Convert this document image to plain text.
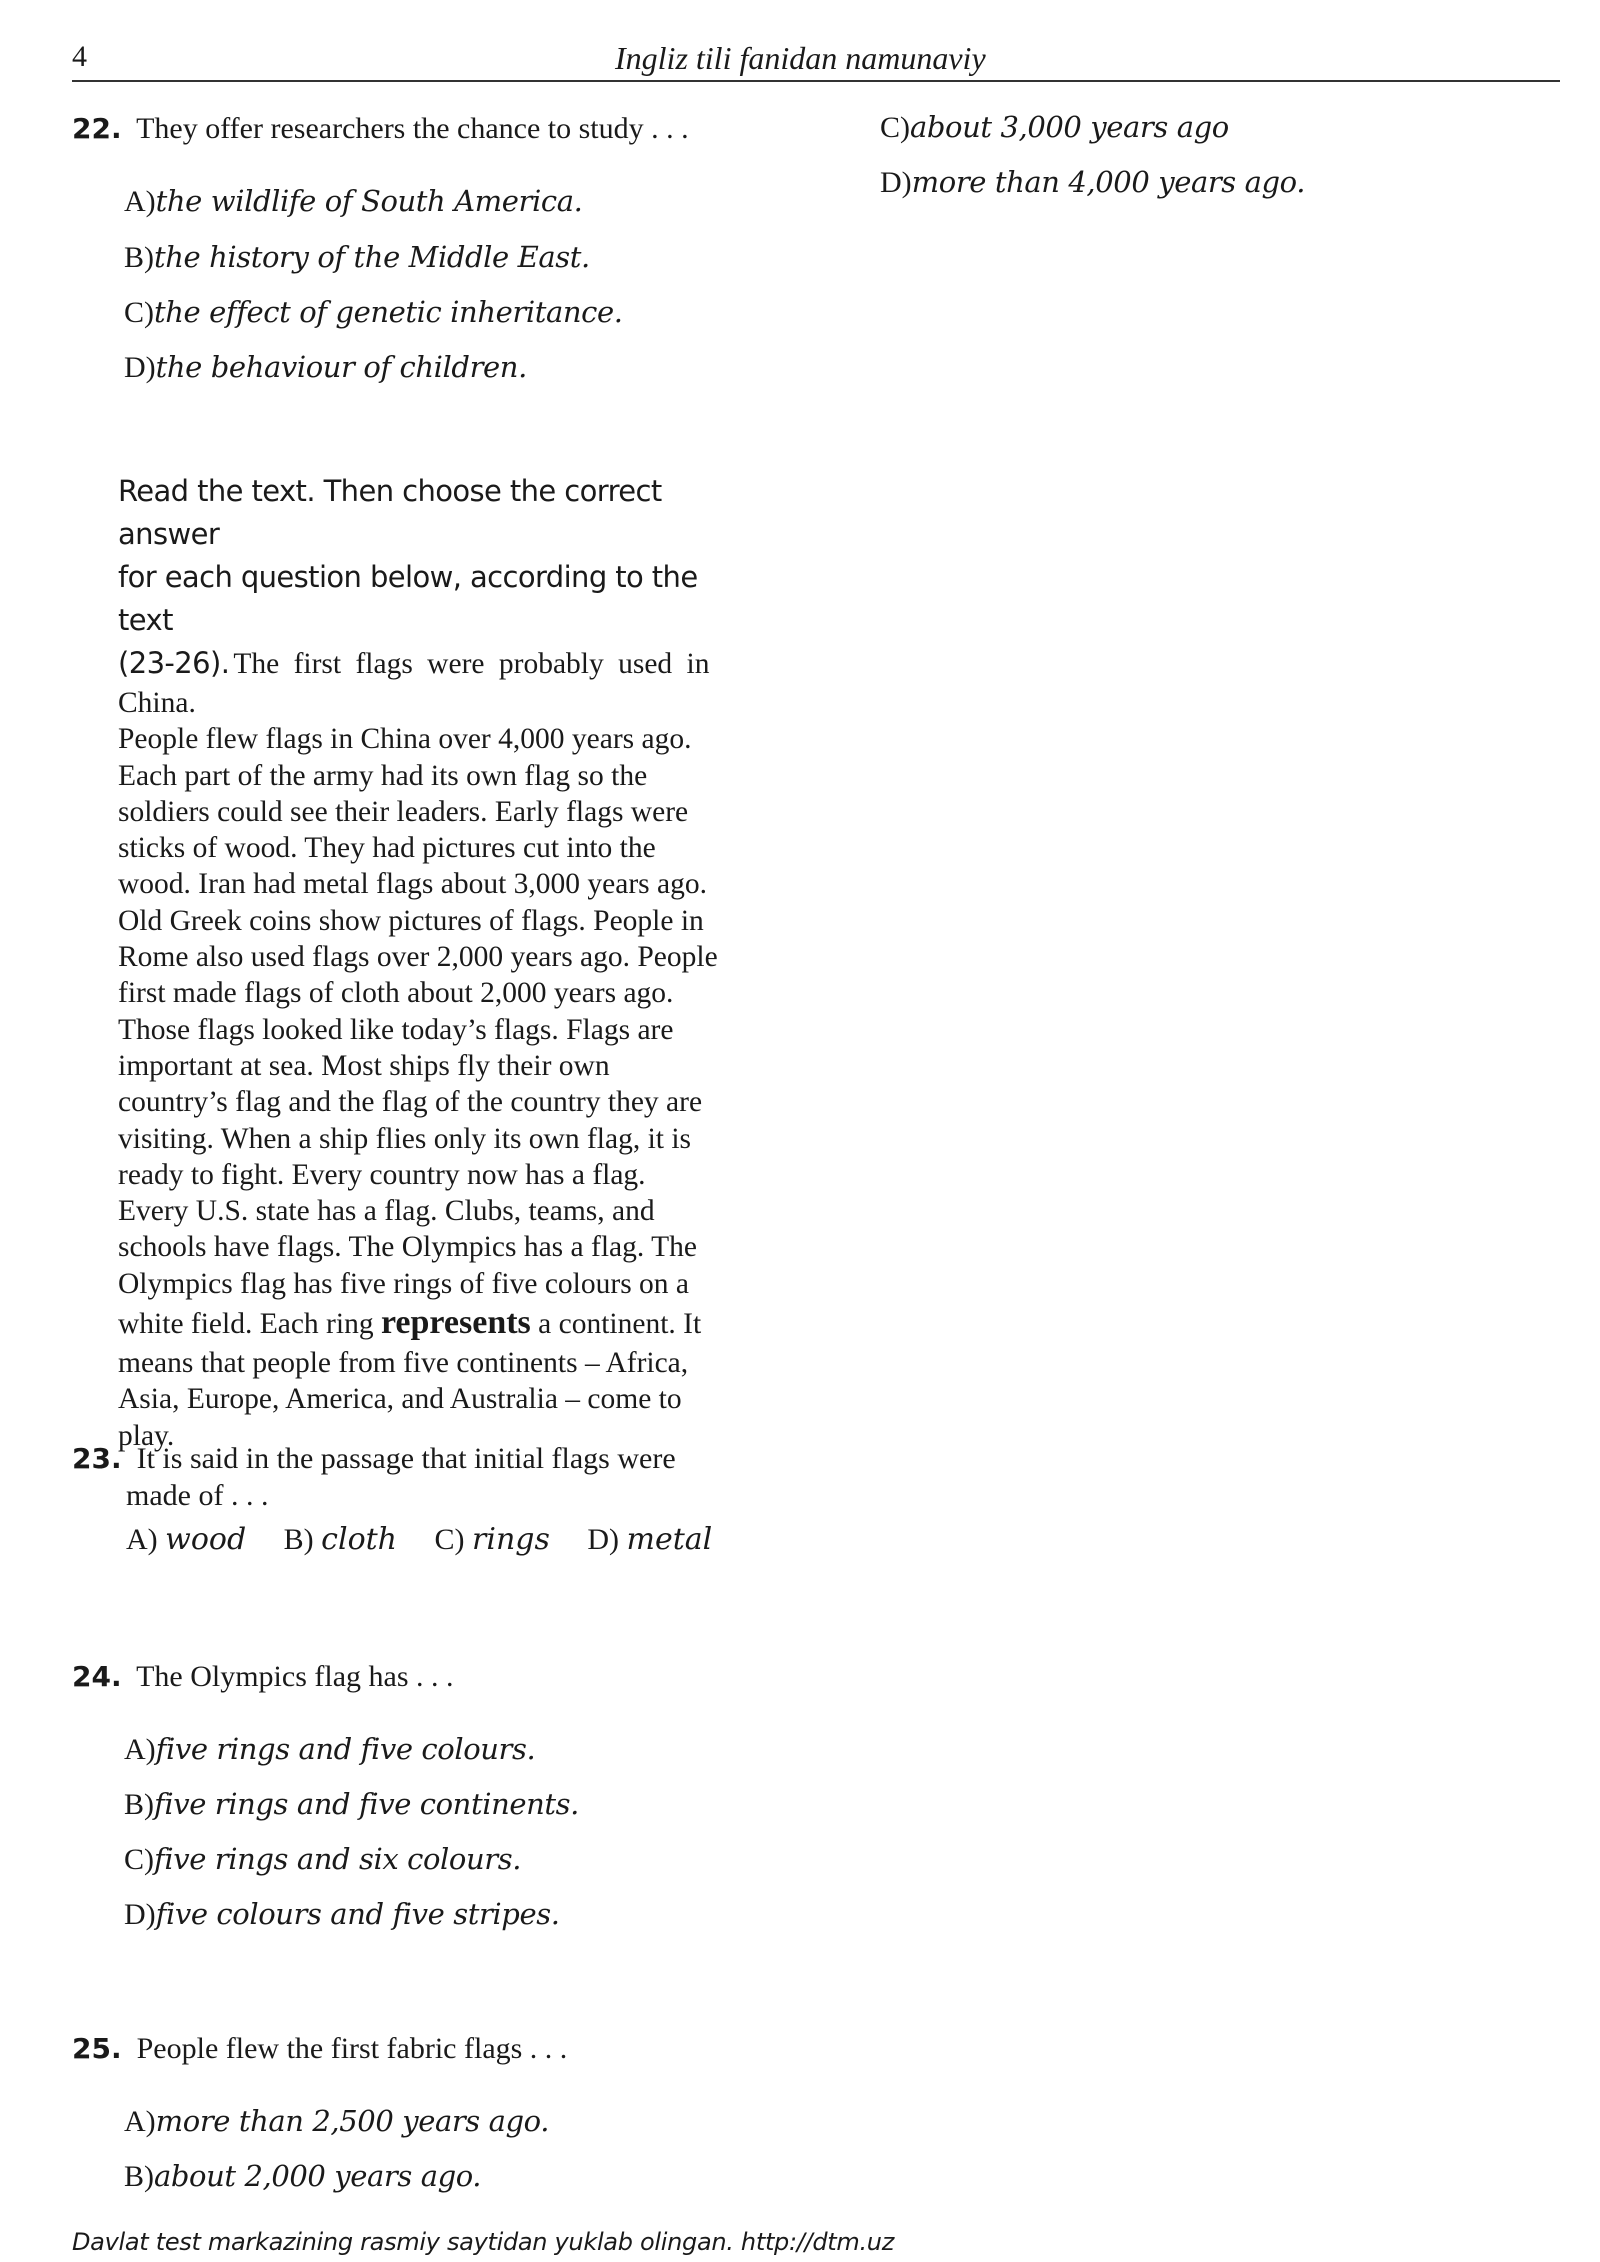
4	Ingliz tili fanidan namunaviy
22. They offer researchers the chance to study . . .
A)the wildlife of South America.
B)the history of the Middle East.
C)the effect of genetic inheritance.
D)the behaviour of children.
Read the text. Then choose the correct answer
for each question below, according to the text
(23-26). The first flags were probably used in
China.
People flew flags in China over 4,000 years ago.
Each part of the army had its own flag so the
soldiers could see their leaders. Early flags were
sticks of wood. They had pictures cut into the
wood. Iran had metal flags about 3,000 years ago.
Old Greek coins show pictures of flags. People in
Rome also used flags over 2,000 years ago. People
first made flags of cloth about 2,000 years ago.
Those flags looked like today’s flags. Flags are
important at sea. Most ships fly their own
country’s flag and the flag of the country they are
visiting. When a ship flies only its own flag, it is
ready to fight. Every country now has a flag.
Every U.S. state has a flag. Clubs, teams, and
schools have flags. The Olympics has a flag. The
Olympics flag has five rings of five colours on a
white field. Each ring represents a continent. It
means that people from five continents – Africa,
Asia, Europe, America, and Australia – come to
play.
23. It is said in the passage that initial flags were
made of . . .
A) wood B) cloth C) rings D) metal
24. The Olympics flag has . . .
A)five rings and five colours.
B)five rings and five continents.
C)five rings and six colours.
D)five colours and five stripes.
25. People flew the first fabric flags . . .
A)more than 2,500 years ago.
B)about 2,000 years ago.
C)about 3,000 years ago
D)more than 4,000 years ago.
Davlat test markazining rasmiy saytidan yuklab olingan. http://dtm.uz
